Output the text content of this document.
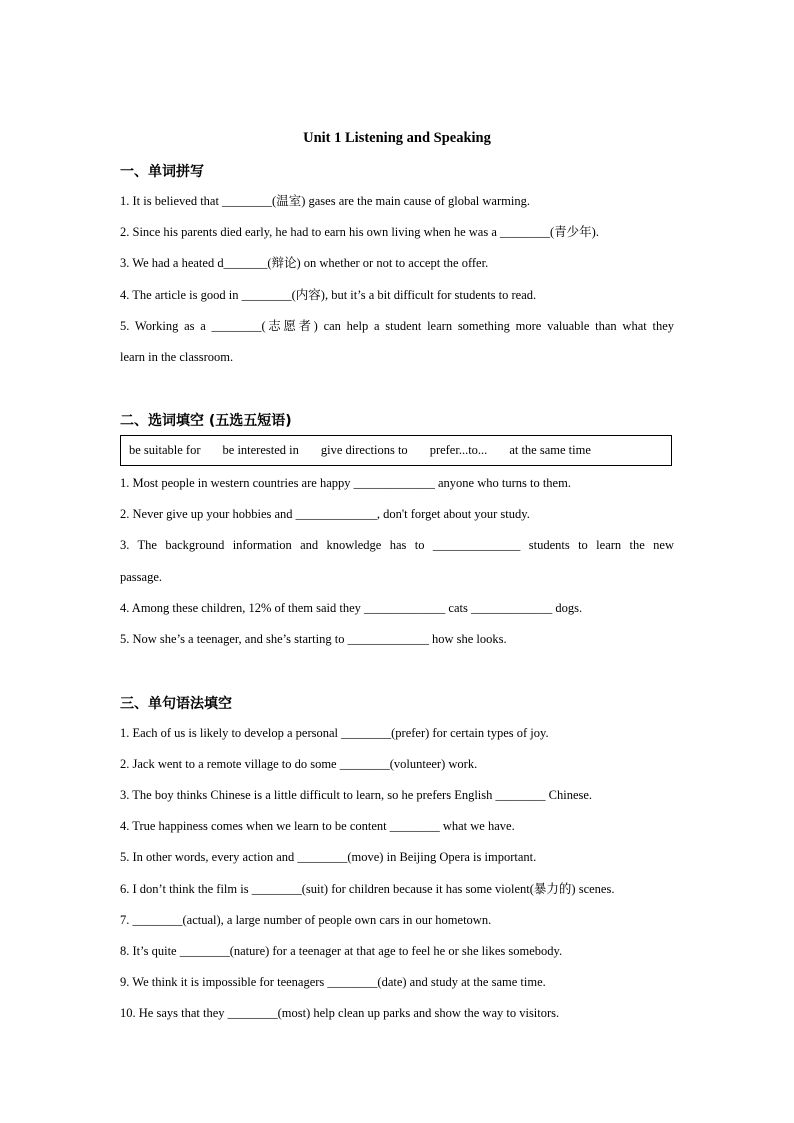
Unit 1 Listening and Speaking
一、单词拼写
1. It is believed that ________(温室) gases are the main cause of global warming.
2. Since his parents died early, he had to earn his own living when he was a ________(青少年).
3. We had a heated d_______(辩论) on whether or not to accept the offer.
4. The article is good in ________(内容), but it’s a bit difficult for students to read.
5. Working as a ________(志愿者) can help a student learn something more valuable than what they
learn in the classroom.
二、选词填空 (五选五短语)
be suitable for be interested in give directions to prefer...to... at the same time
1. Most people in western countries are happy _____________ anyone who turns to them.
2. Never give up your hobbies and _____________, don't forget about your study.
3. The background information and knowledge has to ______________ students to learn the new
passage.
4. Among these children, 12% of them said they _____________ cats _____________ dogs.
5. Now she’s a teenager, and she’s starting to _____________ how she looks.
三、单句语法填空
1. Each of us is likely to develop a personal ________(prefer) for certain types of joy.
2. Jack went to a remote village to do some ________(volunteer) work.
3. The boy thinks Chinese is a little difficult to learn, so he prefers English ________ Chinese.
4. True happiness comes when we learn to be content ________ what we have.
5. In other words, every action and ________(move) in Beijing Opera is important.
6. I don’t think the film is ________(suit) for children because it has some violent(暴力的) scenes.
7. ________(actual), a large number of people own cars in our hometown.
8. It’s quite ________(nature) for a teenager at that age to feel he or she likes somebody.
9. We think it is impossible for teenagers ________(date) and study at the same time.
10. He says that they ________(most) help clean up parks and show the way to visitors.
